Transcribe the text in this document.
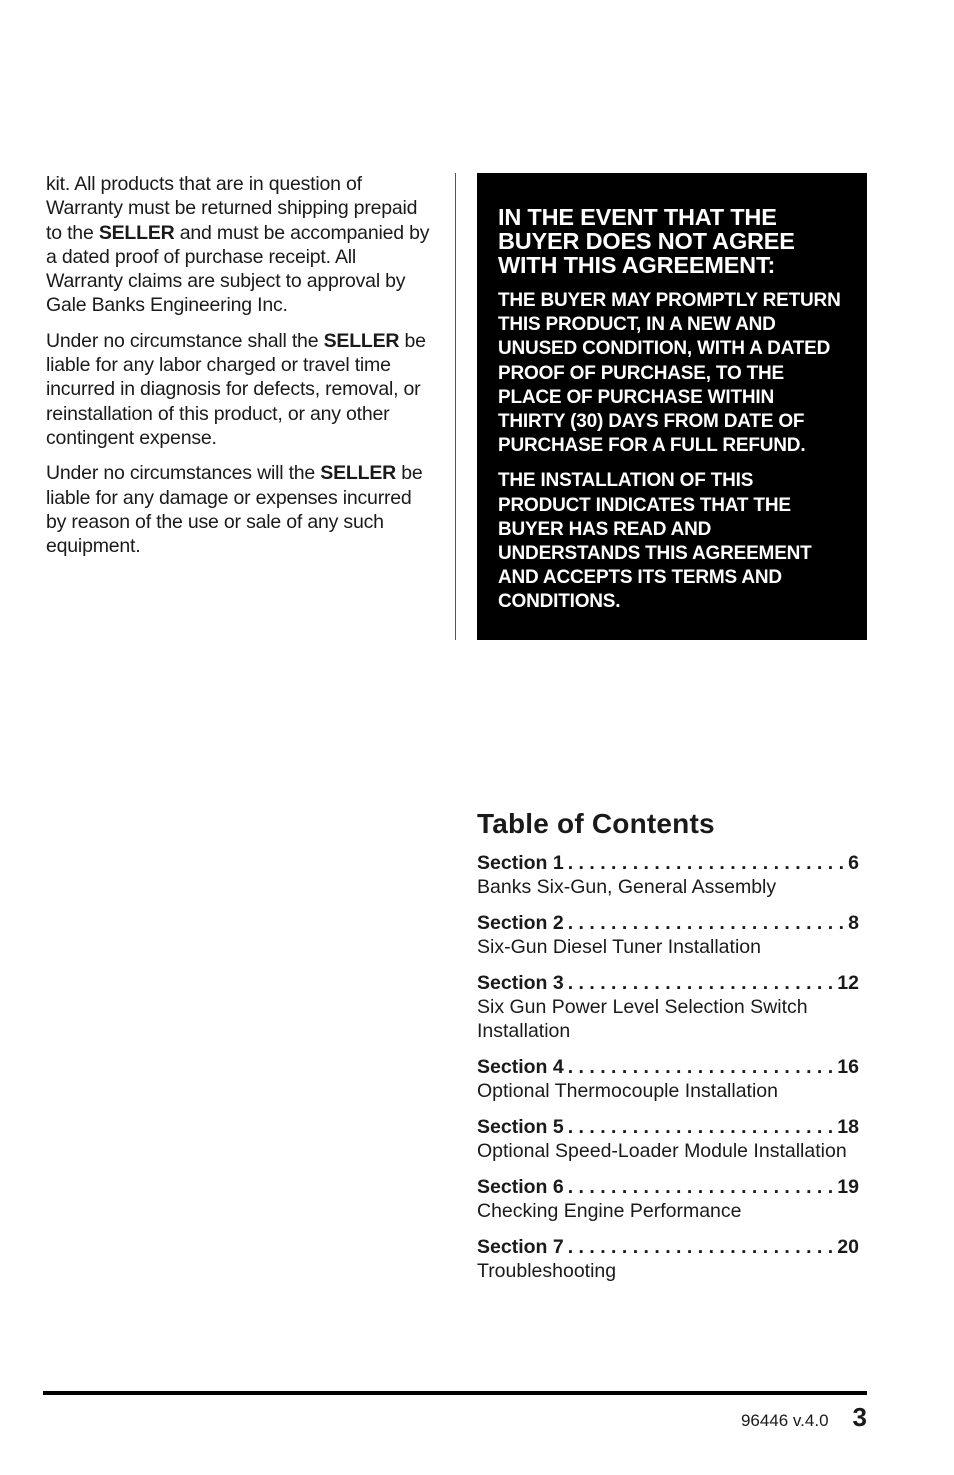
kit. All products that are in question of Warranty must be returned shipping prepaid to the SELLER and must be accompanied by a dated proof of purchase receipt. All Warranty claims are subject to approval by Gale Banks Engineering Inc.

Under no circumstance shall the SELLER be liable for any labor charged or travel time incurred in diagnosis for defects, removal, or reinstallation of this product, or any other contingent expense.

Under no circumstances will the SELLER be liable for any damage or expenses incurred by reason of the use or sale of any such equipment.

IN THE EVENT THAT THE BUYER DOES NOT AGREE WITH THIS AGREEMENT:

THE BUYER MAY PROMPTLY RETURN THIS PRODUCT, IN A NEW AND UNUSED CONDITION, WITH A DATED PROOF OF PURCHASE, TO THE PLACE OF PURCHASE WITHIN THIRTY (30) DAYS FROM DATE OF PURCHASE FOR A FULL REFUND.

THE INSTALLATION OF THIS PRODUCT INDICATES THAT THE BUYER HAS READ AND UNDERSTANDS THIS AGREEMENT AND ACCEPTS ITS TERMS AND CONDITIONS.

Table of Contents
Section 1 . . .	6
Banks Six-Gun, General Assembly
Section 2 . . .	8
Six-Gun Diesel Tuner Installation
Section 3 . . .	12
Six Gun Power Level Selection Switch Installation
Section 4 . . .	16
Optional Thermocouple Installation
Section 5 . . .	18
Optional Speed-Loader Module Installation
Section 6 . . .	19
Checking Engine Performance
Section 7 . . .	20
Troubleshooting
96446 v.4.0 3
